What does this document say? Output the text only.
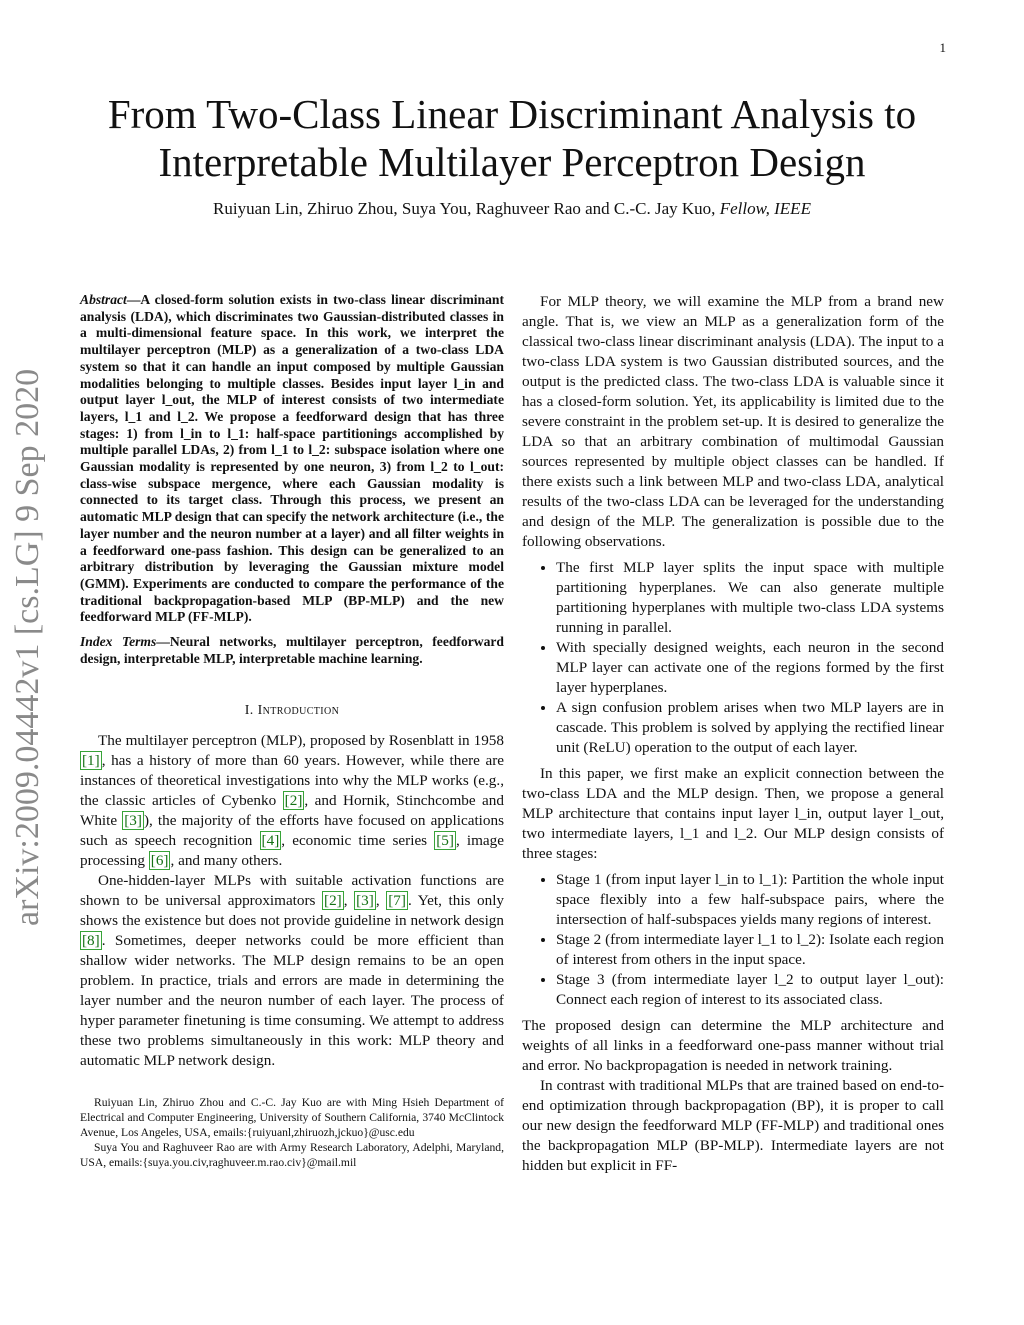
1
arXiv:2009.04442v1 [cs.LG] 9 Sep 2020
From Two-Class Linear Discriminant Analysis to Interpretable Multilayer Perceptron Design

Ruiyuan Lin, Zhiruo Zhou, Suya You, Raghuveer Rao and C.-C. Jay Kuo, Fellow, IEEE

Abstract—A closed-form solution exists in two-class linear discriminant analysis (LDA), which discriminates two Gaussian-distributed classes in a multi-dimensional feature space. In this work, we interpret the multilayer perceptron (MLP) as a generalization of a two-class LDA system so that it can handle an input composed by multiple Gaussian modalities belonging to multiple classes. Besides input layer l_in and output layer l_out, the MLP of interest consists of two intermediate layers, l_1 and l_2. We propose a feedforward design that has three stages: 1) from l_in to l_1: half-space partitionings accomplished by multiple parallel LDAs, 2) from l_1 to l_2: subspace isolation where one Gaussian modality is represented by one neuron, 3) from l_2 to l_out: class-wise subspace mergence, where each Gaussian modality is connected to its target class. Through this process, we present an automatic MLP design that can specify the network architecture (i.e., the layer number and the neuron number at a layer) and all filter weights in a feedforward one-pass fashion. This design can be generalized to an arbitrary distribution by leveraging the Gaussian mixture model (GMM). Experiments are conducted to compare the performance of the traditional backpropagation-based MLP (BP-MLP) and the new feedforward MLP (FF-MLP).

Index Terms—Neural networks, multilayer perceptron, feedforward design, interpretable MLP, interpretable machine learning.

I. Introduction

The multilayer perceptron (MLP), proposed by Rosenblatt in 1958 [1] , has a history of more than 60 years. However, while there are instances of theoretical investigations into why the MLP works (e.g., the classic articles of Cybenko [2] , and Hornik, Stinchcombe and White [3] ), the majority of the efforts have focused on applications such as speech recognition [4] , economic time series [5] , image processing [6] , and many others.

One-hidden-layer MLPs with suitable activation functions are shown to be universal approximators [2] , [3] , [7] . Yet, this only shows the existence but does not provide guideline in network design [8] . Sometimes, deeper networks could be more efficient than shallow wider networks. The MLP design remains to be an open problem. In practice, trials and errors are made in determining the layer number and the neuron number of each layer. The process of hyper parameter finetuning is time consuming. We attempt to address these two problems simultaneously in this work: MLP theory and automatic MLP network design.

Ruiyuan Lin, Zhiruo Zhou and C.-C. Jay Kuo are with Ming Hsieh Department of Electrical and Computer Engineering, University of Southern California, 3740 McClintock Avenue, Los Angeles, USA, emails:{ruiyuanl,zhiruozh,jckuo}@usc.edu

Suya You and Raghuveer Rao are with Army Research Laboratory, Adelphi, Maryland, USA, emails:{suya.you.civ,raghuveer.m.rao.civ}@mail.mil

For MLP theory, we will examine the MLP from a brand new angle. That is, we view an MLP as a generalization form of the classical two-class linear discriminant analysis (LDA). The input to a two-class LDA system is two Gaussian distributed sources, and the output is the predicted class. The two-class LDA is valuable since it has a closed-form solution. Yet, its applicability is limited due to the severe constraint in the problem set-up. It is desired to generalize the LDA so that an arbitrary combination of multimodal Gaussian sources represented by multiple object classes can be handled. If there exists such a link between MLP and two-class LDA, analytical results of the two-class LDA can be leveraged for the understanding and design of the MLP. The generalization is possible due to the following observations.

• The first MLP layer splits the input space with multiple partitioning hyperplanes. We can also generate multiple partitioning hyperplanes with multiple two-class LDA systems running in parallel.
• With specially designed weights, each neuron in the second MLP layer can activate one of the regions formed by the first layer hyperplanes.
• A sign confusion problem arises when two MLP layers are in cascade. This problem is solved by applying the rectified linear unit (ReLU) operation to the output of each layer.

In this paper, we first make an explicit connection between the two-class LDA and the MLP design. Then, we propose a general MLP architecture that contains input layer l_in, output layer l_out, two intermediate layers, l_1 and l_2. Our MLP design consists of three stages:

• Stage 1 (from input layer l_in to l_1): Partition the whole input space flexibly into a few half-subspace pairs, where the intersection of half-subspaces yields many regions of interest.
• Stage 2 (from intermediate layer l_1 to l_2): Isolate each region of interest from others in the input space.
• Stage 3 (from intermediate layer l_2 to output layer l_out): Connect each region of interest to its associated class.

The proposed design can determine the MLP architecture and weights of all links in a feedforward one-pass manner without trial and error. No backpropagation is needed in network training.

In contrast with traditional MLPs that are trained based on end-to-end optimization through backpropagation (BP), it is proper to call our new design the feedforward MLP (FF-MLP) and traditional ones the backpropagation MLP (BP-MLP). Intermediate layers are not hidden but explicit in FF-
